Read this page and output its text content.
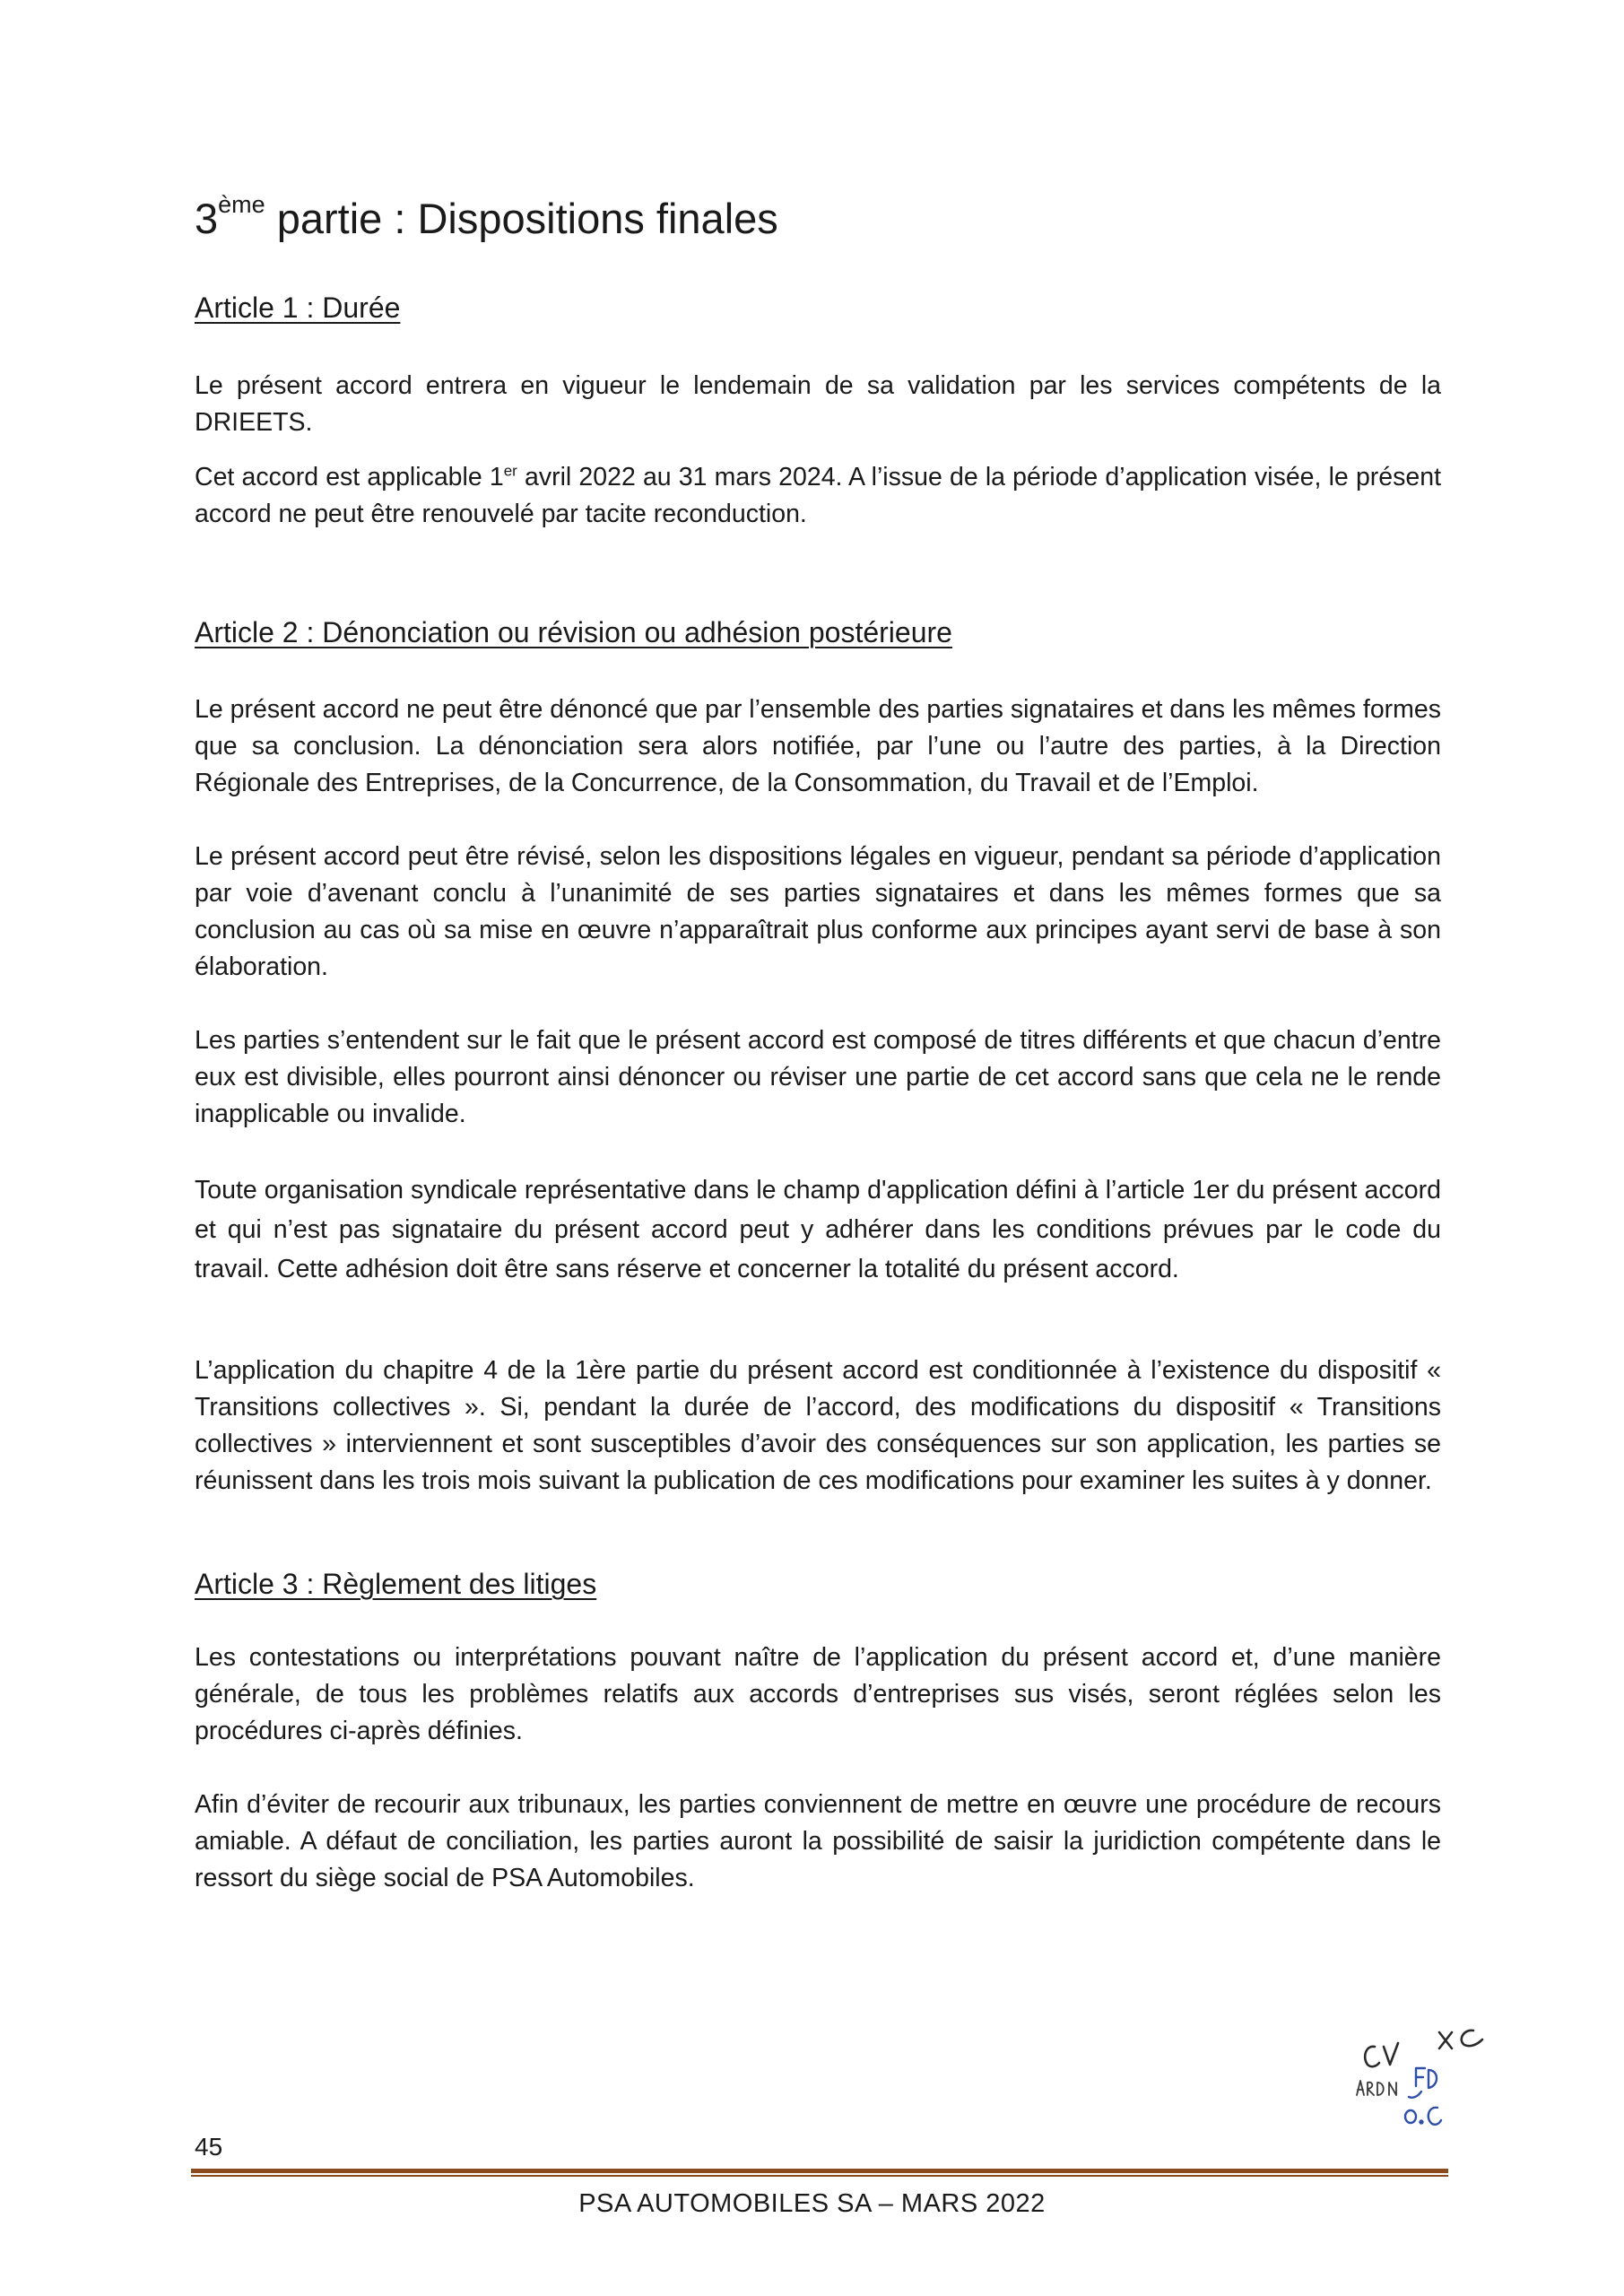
3ème partie : Dispositions finales
Article 1 : Durée

Le présent accord entrera en vigueur le lendemain de sa validation par les services compétents de la DRIEETS.

Cet accord est applicable 1er avril 2022 au 31 mars 2024. A l’issue de la période d’application visée, le présent accord ne peut être renouvelé par tacite reconduction.

Article 2 : Dénonciation ou révision ou adhésion postérieure

Le présent accord ne peut être dénoncé que par l’ensemble des parties signataires et dans les mêmes formes que sa conclusion. La dénonciation sera alors notifiée, par l’une ou l’autre des parties, à la Direction Régionale des Entreprises, de la Concurrence, de la Consommation, du Travail et de l’Emploi.

Le présent accord peut être révisé, selon les dispositions légales en vigueur, pendant sa période d’application par voie d’avenant conclu à l’unanimité de ses parties signataires et dans les mêmes formes que sa conclusion au cas où sa mise en œuvre n’apparaîtrait plus conforme aux principes ayant servi de base à son élaboration.

Les parties s’entendent sur le fait que le présent accord est composé de titres différents et que chacun d’entre eux est divisible, elles pourront ainsi dénoncer ou réviser une partie de cet accord sans que cela ne le rende inapplicable ou invalide.

Toute organisation syndicale représentative dans le champ d'application défini à l’article 1er du présent accord et qui n’est pas signataire du présent accord peut y adhérer dans les conditions prévues par le code du travail. Cette adhésion doit être sans réserve et concerner la totalité du présent accord.

L’application du chapitre 4 de la 1ère partie du présent accord est conditionnée à l’existence du dispositif « Transitions collectives ». Si, pendant la durée de l’accord, des modifications du dispositif « Transitions collectives » interviennent et sont susceptibles d’avoir des conséquences sur son application, les parties se réunissent dans les trois mois suivant la publication de ces modifications pour examiner les suites à y donner.

Article 3 : Règlement des litiges

Les contestations ou interprétations pouvant naître de l’application du présent accord et, d’une manière générale, de tous les problèmes relatifs aux accords d’entreprises sus visés, seront réglées selon les procédures ci-après définies.

Afin d’éviter de recourir aux tribunaux, les parties conviennent de mettre en œuvre une procédure de recours amiable. A défaut de conciliation, les parties auront la possibilité de saisir la juridiction compétente dans le ressort du siège social de PSA Automobiles.

45

PSA AUTOMOBILES SA – MARS 2022
